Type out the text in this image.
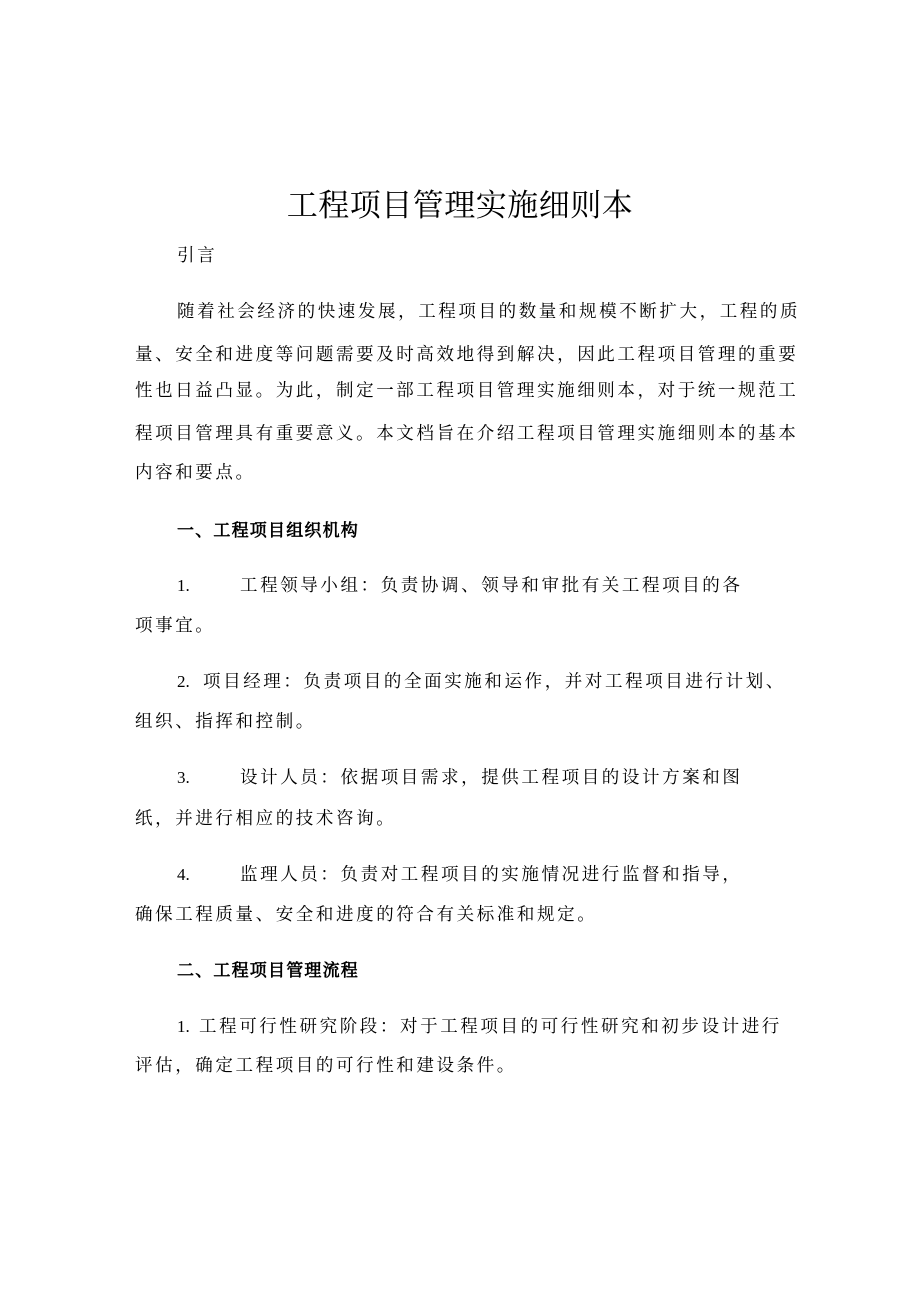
工程项目管理实施细则本
引言
随着社会经济的快速发展，工程项目的数量和规模不断扩大，工程的质
量、安全和进度等问题需要及时高效地得到解决，因此工程项目管理的重要
性也日益凸显。为此，制定一部工程项目管理实施细则本，对于统一规范工
程项目管理具有重要意义。本文档旨在介绍工程项目管理实施细则本的基本
内容和要点。
一、工程项目组织机构
1.	工程领导小组：负责协调、领导和审批有关工程项目的各
项事宜。
2. 项目经理：负责项目的全面实施和运作，并对工程项目进行计划、
组织、指挥和控制。
3.	设计人员：依据项目需求，提供工程项目的设计方案和图
纸，并进行相应的技术咨询。
4.	监理人员：负责对工程项目的实施情况进行监督和指导，
确保工程质量、安全和进度的符合有关标准和规定。
二、工程项目管理流程
1. 工程可行性研究阶段：对于工程项目的可行性研究和初步设计进行
评估，确定工程项目的可行性和建设条件。
